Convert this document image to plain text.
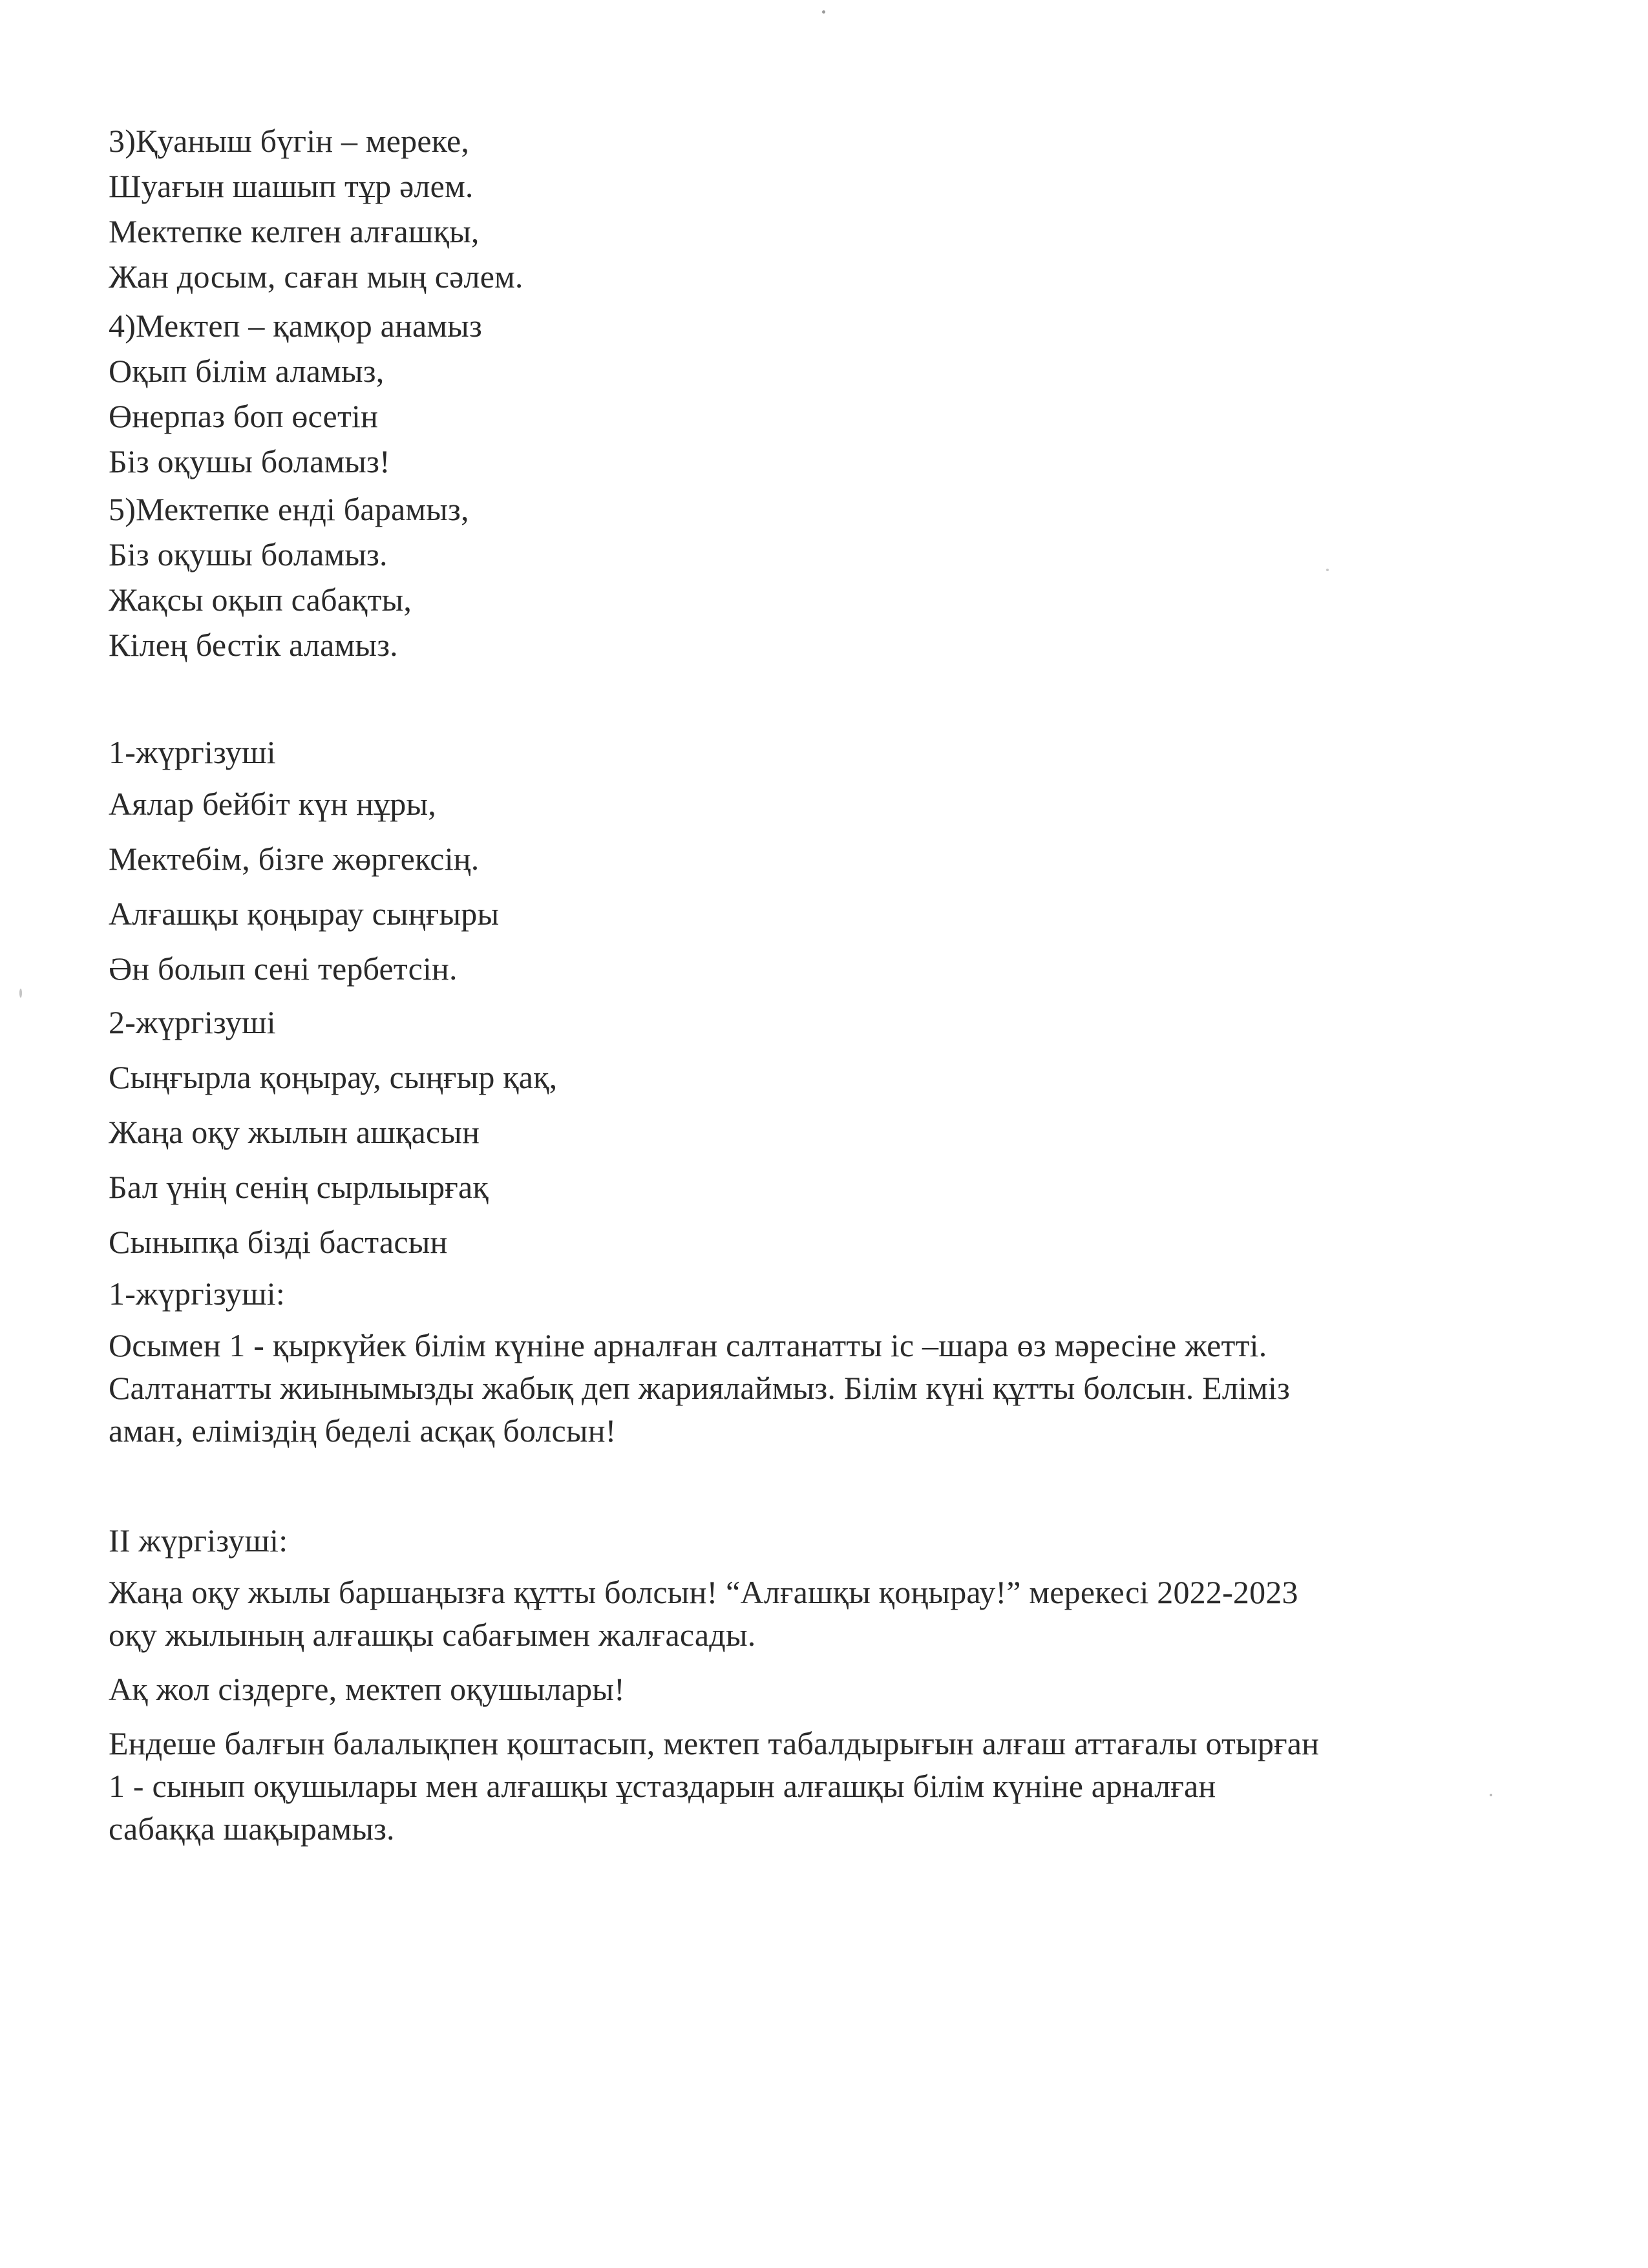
3)Қуаныш бүгін – мереке,
Шуағын шашып тұр әлем.
Мектепке келген алғашқы,
Жан досым, саған мың сәлем.
4)Мектеп – қамқор анамыз
Оқып білім аламыз,
Өнерпаз боп өсетін
Біз оқушы боламыз!
5)Мектепке енді барамыз,
Біз оқушы боламыз.
Жақсы оқып сабақты,
Кілең бестік аламыз.
1-жүргізуші
Аялар бейбіт күн нұры,
Мектебім, бізге жөргексің.
Алғашқы қоңырау сыңғыры
Ән болып сені тербетсін.
2-жүргізуші
Сыңғырла қоңырау, сыңғыр қақ,
Жаңа оқу жылын ашқасын
Бал үнің сенің сырлыырғақ
Сыныпқа бізді бастасын
1-жүргізуші:
Осымен 1 - қыркүйек білім күніне арналған салтанатты іс –шара өз мәресіне жетті.
Салтанатты жиынымызды жабық деп жариялаймыз. Білім күні құтты болсын. Еліміз
аман, еліміздің беделі асқақ болсын!
ІІ жүргізуші:
Жаңа оқу жылы баршаңызға құтты болсын! “Алғашқы қоңырау!” мерекесі 2022-2023
оқу жылының алғашқы сабағымен жалғасады.
Ақ жол сіздерге, мектеп оқушылары!
Ендеше балғын балалықпен қоштасып, мектеп табалдырығын алғаш аттағалы отырған
1 - сынып оқушылары мен алғашқы ұстаздарын алғашқы білім күніне арналған
сабаққа шақырамыз.
